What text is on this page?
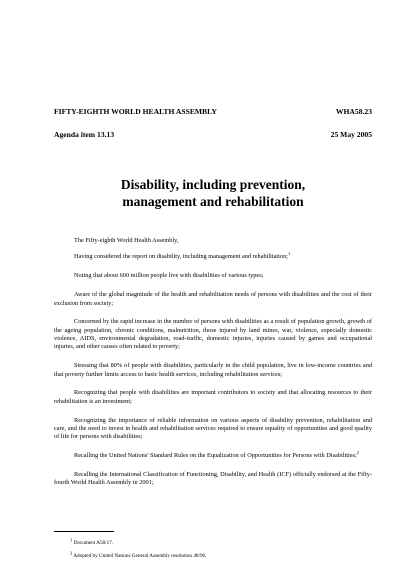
FIFTY-EIGHTH WORLD HEALTH ASSEMBLY	WHA58.23
Agenda item 13.13	25 May 2005
Disability, including prevention,
management and rehabilitation

The Fifty-eighth World Health Assembly,

Having considered the report on disability, including management and rehabilitation;$^1$

Noting that about 600 million people live with disabilities of various types;

Aware of the global magnitude of the health and rehabilitation needs of persons with disabilities and the cost of their exclusion from society;

Concerned by the rapid increase in the number of persons with disabilities as a result of population growth, growth of the ageing population, chronic conditions, malnutrition, those injured by land mines, war, violence, especially domestic violence, AIDS, environmental degradation, road-traffic, domestic injuries, injuries caused by games and occupational injuries, and other causes often related to poverty;

Stressing that 80% of people with disabilities, particularly in the child population, live in low-income countries and that poverty further limits access to basic health services, including rehabilitation services;

Recognizing that people with disabilities are important contributors to society and that allocating resources to their rehabilitation is an investment;

Recognizing the importance of reliable information on various aspects of disability prevention, rehabilitation and care, and the need to invest in health and rehabilitation services required to ensure equality of opportunities and good quality of life for persons with disabilities;

Recalling the United Nations' Standard Rules on the Equalization of Opportunities for Persons with Disabilities;$^2$

Recalling the International Classification of Functioning, Disability, and Health (ICF) officially endorsed at the Fifty-fourth World Health Assembly in 2001;

$^1$ Document A58/17.
$^2$ Adopted by United Nations General Assembly resolution 48/96.
